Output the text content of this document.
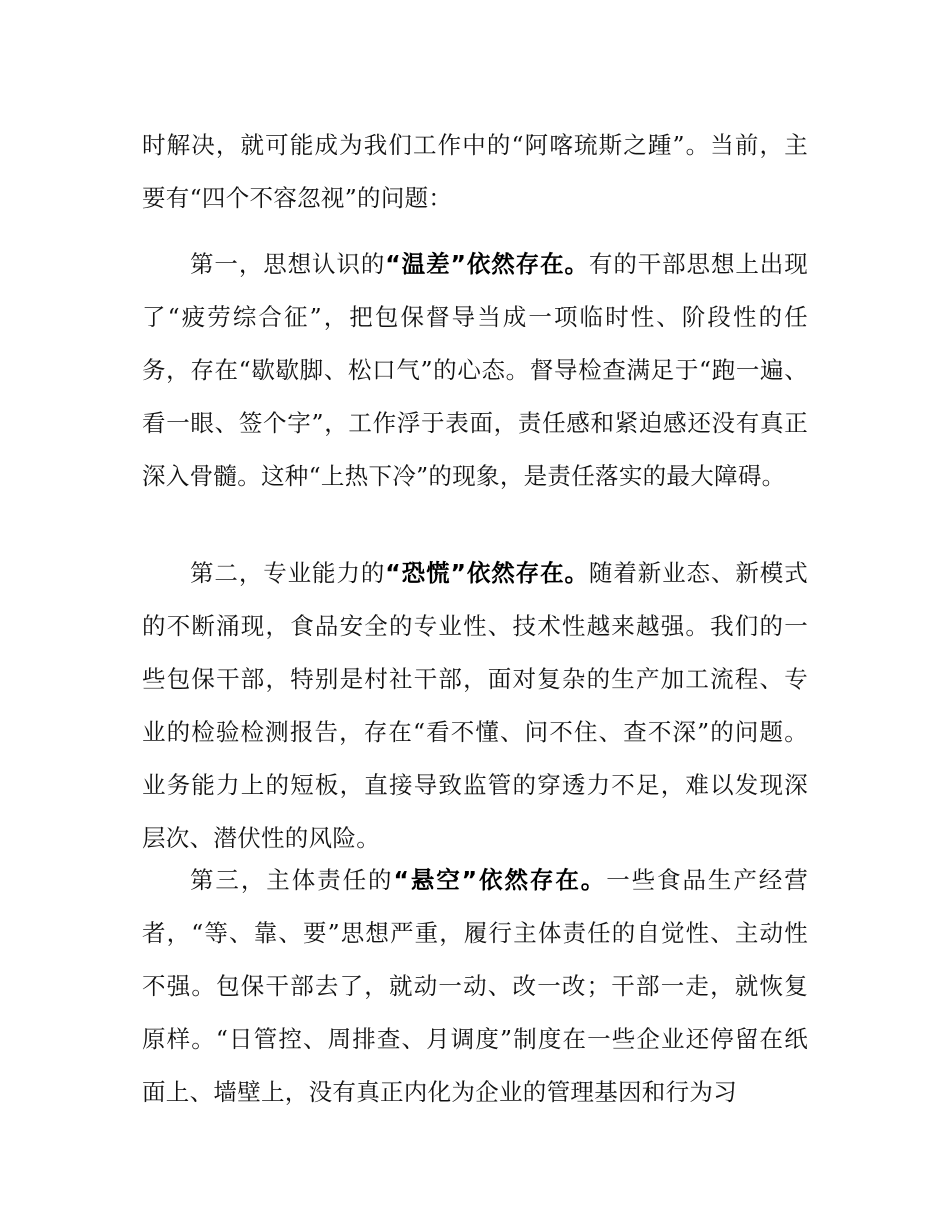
时解决，就可能成为我们工作中的“阿喀琉斯之踵”。当前，主要有“四个不容忽视”的问题：

第一，思想认识的“温差”依然存在。有的干部思想上出现了“疲劳综合征”，把包保督导当成一项临时性、阶段性的任务，存在“歇歇脚、松口气”的心态。督导检查满足于“跑一遍、看一眼、签个字”，工作浮于表面，责任感和紧迫感还没有真正深入骨髓。这种“上热下冷”的现象，是责任落实的最大障碍。

第二，专业能力的“恐慌”依然存在。随着新业态、新模式的不断涌现，食品安全的专业性、技术性越来越强。我们的一些包保干部，特别是村社干部，面对复杂的生产加工流程、专业的检验检测报告，存在“看不懂、问不住、查不深”的问题。业务能力上的短板，直接导致监管的穿透力不足，难以发现深层次、潜伏性的风险。

第三，主体责任的“悬空”依然存在。一些食品生产经营者，“等、靠、要”思想严重，履行主体责任的自觉性、主动性不强。包保干部去了，就动一动、改一改；干部一走，就恢复原样。“日管控、周排查、月调度”制度在一些企业还停留在纸面上、墙壁上，没有真正内化为企业的管理基因和行为习
